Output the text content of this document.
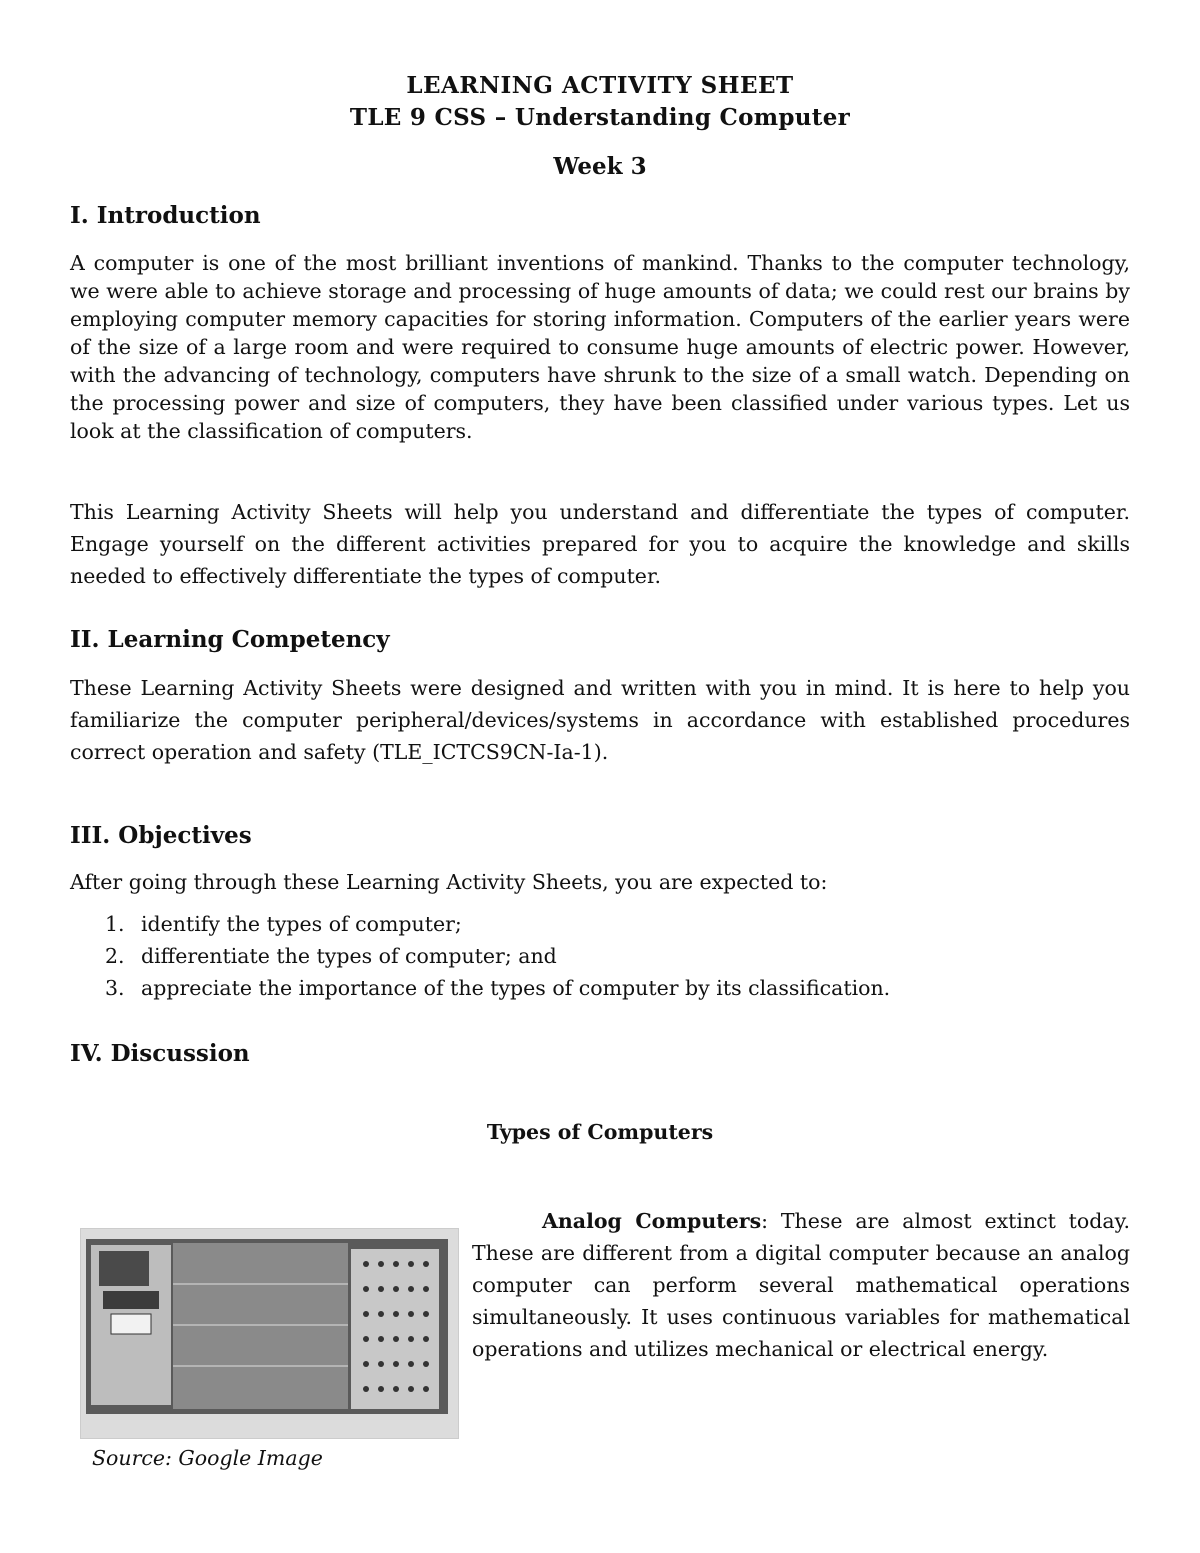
LEARNING ACTIVITY SHEET
TLE 9 CSS – Understanding Computer
Week 3
I. Introduction
A computer is one of the most brilliant inventions of mankind. Thanks to the computer technology, we were able to achieve storage and processing of huge amounts of data; we could rest our brains by employing computer memory capacities for storing information. Computers of the earlier years were of the size of a large room and were required to consume huge amounts of electric power. However, with the advancing of technology, computers have shrunk to the size of a small watch. Depending on the processing power and size of computers, they have been classified under various types. Let us look at the classification of computers.
This Learning Activity Sheets will help you understand and differentiate the types of computer. Engage yourself on the different activities prepared for you to acquire the knowledge and skills needed to effectively differentiate the types of computer.
II. Learning Competency
These Learning Activity Sheets were designed and written with you in mind. It is here to help you familiarize the computer peripheral/devices/systems in accordance with established procedures correct operation and safety (TLE_ICTCS9CN-Ia-1).
III. Objectives
After going through these Learning Activity Sheets, you are expected to:
1. identify the types of computer;
2. differentiate the types of computer; and
3. appreciate the importance of the types of computer by its classification.
IV. Discussion
Types of Computers
Source: Google Image
Analog Computers: These are almost extinct today. These are different from a digital computer because an analog computer can perform several mathematical operations simultaneously. It uses continuous variables for mathematical operations and utilizes mechanical or electrical energy.
